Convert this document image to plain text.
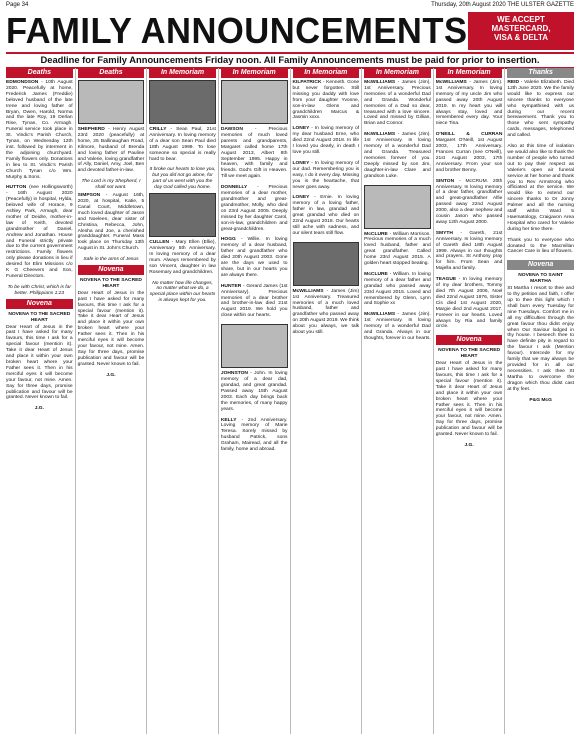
Page 34	Thursday, 20th August 2020 THE ULSTER GAZETTE
FAMILY ANNOUNCEMENTS	WE ACCEPT
MASTERCARD,
VISA & DELTA
Deadline for Family Announcements Friday noon. All Family Announcements must be paid for prior to insertion.
Deaths
EDMONDSON - 10th August 2020. Peacefully at home, Frederick James (Freddie) beloved husband of the late Irene and loving father of Bryan, Owen, Harold, Norma and the late Roy, 19 Derlan Rise, Tynan, Co. Armagh. Funeral service took place in St. Vindic's Parish Church, Tynan, on Wednesday 12th inst. followed by interment in the adjoining churchyard. Family flowers only. Donations in lieu to St. Vindic's Parish Church Tynan c/o Wm. Murphy & Sons.
HUTTON (nee Hollingsworth) - 16th August 2020 (Peacefully) in hospital, Hylda, beloved wife of Horace, 9 Ashley Park, Armagh, dear mother of Deidre, mother-in-law of Keith, devoted grandmother of Daniel, Andrew and Jonathan. House and Funeral strictly private due to the current government restrictions. Family flowers only please donations in lieu if desired for Elim Missions c/o K G Cheevers and Son, Funeral Directors.
To be with Christ, which is far better. Philippians 1:23
Novena
NOVENA TO THE SACRED HEART
Dear Heart of Jesus in the past I have asked for many favours, this time I ask for a special favour (mention it). Take it dear Heart of Jesus and place it within your own broken heart where your Father sees it. Then in his merciful eyes it will become your favour, not mine. Amen. Say for three days, promise publication and favour will be granted. Never known to fail.
J.G.
Deaths
SHEPHERD - Henry August 23rd 2020 (peacefully) at home, 25 Ballinaughan Road, Kilmore, husband of Brenda and loving father of Pauline and Valerie, loving grandfather of Ally, Daniel, Amy, Joel, Ben and devoted father-in-law.
The Lord is my Shepherd, I shall not want.
SIMPSON - August 16th, 2020, at hospital, Katie, 5 Canal Court, Middletown, much loved daughter of Jason and Noeleen, dear sister of Christina, Rebecca, John, Alesha and Joe, a cherished granddaughter. Funeral Mass took place on Thursday 13th August in St. John's Church.
Safe in the arms of Jesus
Novena
NOVENA TO THE SACRED HEART
Dear Heart of Jesus in the past I have asked for many favours, this time I ask for a special favour (mention it). Take it dear Heart of Jesus and place it within your own broken heart where your Father sees it. Then in his merciful eyes it will become your favour, not mine. Amen. Say for three days, promise publication and favour will be granted. Never known to fail.
J.G.
In Memoriam
CRILLY - Sean Paul, 21st Anniversary. In loving memory of a dear son Sean Paul died 18th August 1999. To lose someone so special is really hard to bear.
It broke our hearts to lose you, but you did not go alone, for part of us went with you the day God called you home.
CULLEN - Mary Ellen (Ellie), Anniversary 5th Anniversary. In loving memory of a dear mum. Always remembered by son Vincent, daughter in law Rosemary and grandchildren.
No matter how life changes, no matter what we do, a special place within our hearts is always kept for you.
In Memoriam
DAWSON - Precious memories of much loved parents and grandparents, Margaret called home 17th August 2013, Albert 8th September 1995. Happy in heaven, with family and friends. God's Gift in Heaven. Till we meet again.
DONNELLY - Precious memories of a dear mother, grandmother and great-grandmother, Molly, who died on 23rd August 2005. Deeply missed by her daughter Carol, son-in-law, grandchildren and great-grandchildren.
HOGG - Willie. In loving memory of a dear husband, father and grandfather who died 20th August 2003. Gone are the days we used to share, but in our hearts you are always there.
HUNTER - Gerard James (1st Anniversary). Precious memories of a dear brother and brother-in-law died 21st August 2019. We hold you close within our hearts.
JOHNSTON - John. In loving memory of a dear dad, grandad, and great grandad. Passed away 15th August 2003. Each day brings back the memories, of many happy years.
KELLY - 2nd Anniversary. Loving memory of Marie Teresa. Sorely missed by husband Patrick, sons Graham, Mairead, and all the family, home and abroad.
In Memoriam
KILPATRICK - Kenneth. Gone but never forgotten. Still missing you daddy with love from your daughter Yvonne, son-in-law Glenn and grandchildren Marcus & Jasmin xxxx.
LONEY - In loving memory of my dear husband Erne, who died 22nd August 2018. In life I loved you dearly, in death I love you still.
LONEY - In loving memory of our dad. Remembering you is easy, I do it every day. Missing you is the heartache, that never goes away.
LONEY - Ernie. In loving memory of a loving father, father in law, grandad and great grandad who died on 22nd August 2018. Our hearts still ache with sadness, and our silent tears still flow.
McWILLIAMS - James (Jim) 1st Anniversary. Treasured memories of a much loved husband, father and grandfather who passed away on 20th August 2019. We think about you always, we talk about you still.
In Memoriam
McWILLIAMS - James (Jim). 1st Anniversary. Precious memories of a wonderful Dad and Granda. Wonderful memories of a Dad so dear, treasured with a love sincere. Loved and missed by Gillian, Brian and Connor.
McWILLIAMS - James (Jim). 1st Anniversary. In loving memory of a wonderful Dad and Granda. Treasured memories forever of you. Deeply missed by son Jim, daughter-in-law Clare and grandson Luke.
McCLURE - William Morrison. Precious memories of a much loved husband, father and great grandfather. Called home 23rd August 2015. A golden heart stopped beating.
McCLURE - William. In loving memory of a dear father and grandad who passed away 23rd August 2015. Loved and remembered by Glenn, Lynn and Sophie xx
McWILLIAMS - James (Jim). 1st Anniversary. In loving memory of a wonderful Dad and Granda. Always in our thoughts, forever in our hearts.
In Memoriam
McWILLIAMS - James (Jim). 1st Anniversary. In loving memory of my uncle Jim who passed away 20th August 2019. In my heart you will always stay, loved and remembered every day. Your niece Tina.
O'NEILL & CURRAN Margaret O'Neill, 1st August 2003, 17th Anniversary. Frances Curran (nee O'Neill), 21st August 2003, 17th Anniversary. From your son and brother Benny.
SINTON - McCRUM. 20th Anniversary. In loving memory of a dear father, grandfather and great-grandfather Alfie passed away 22nd August 2000, also a dear nephew and cousin Jason who passed away 12th August 2000.
SMYTH - Gareth, 21st Anniversary. In loving memory of Gareth died 18th August 1999. Always in our thoughts and prayers. St Anthony pray for him. From Sean and Majella and family.
TEAGUE - In loving memory of my dear brothers, Tommy died 7th August 2006, Noel died 22nd August 1976, Sister Cis died 1st August 2020, Margie died 2nd August 2017. Forever in our hearts. Loved always by Ria and family circle.
Novena
NOVENA TO THE SACRED HEART
Dear Heart of Jesus in the past I have asked for many favours, this time I ask for a special favour (mention it). Take it dear Heart of Jesus and place it within your own broken heart where your Father sees it. Then in his merciful eyes it will become your favour, not mine. Amen. Say for three days, promise publication and favour will be granted. Never known to fail.
J.G.
Thanks
REID - Valerie Elizabeth. Died 12th June 2020. We the family would like to express our sincere thanks to everyone who sympathised with us during our recent bereavement. Thank you to those who sent sympathy cards, messages, telephoned and called.
Also at this time of isolation we would also like to thank the number of people who turned out to pay their respect as Valerie's open air funeral service at her home and thank you to Rev Armstrong who officiated at the service. We would like to extend our sincere thanks to Dr Jonny Palmer and all the nursing staff within Ward 5 Haematology, Craigavon Area Hospital who cared for Valerie during her time there.
Thank you to everyone who donated to the Macmillan Cancer Care in lieu of flowers.
Novena
NOVENA TO SAINT MARTHA
St Martha I resort to thee and to thy petition and faith, I offer up to thee this light which I shall burn every Tuesday for nine Tuesdays. Comfort me in all my difficulties through the great favour thou didst enjoy when Our Saviour lodged in thy house. I beseech thee to have definite pity in regard to the favour I ask (Mention favour). Intercede for my family that we may always be provided for in all our necessities. I ask thee St Martha to overcome the dragon which thou didst cast at thy feet.
P&G McG
